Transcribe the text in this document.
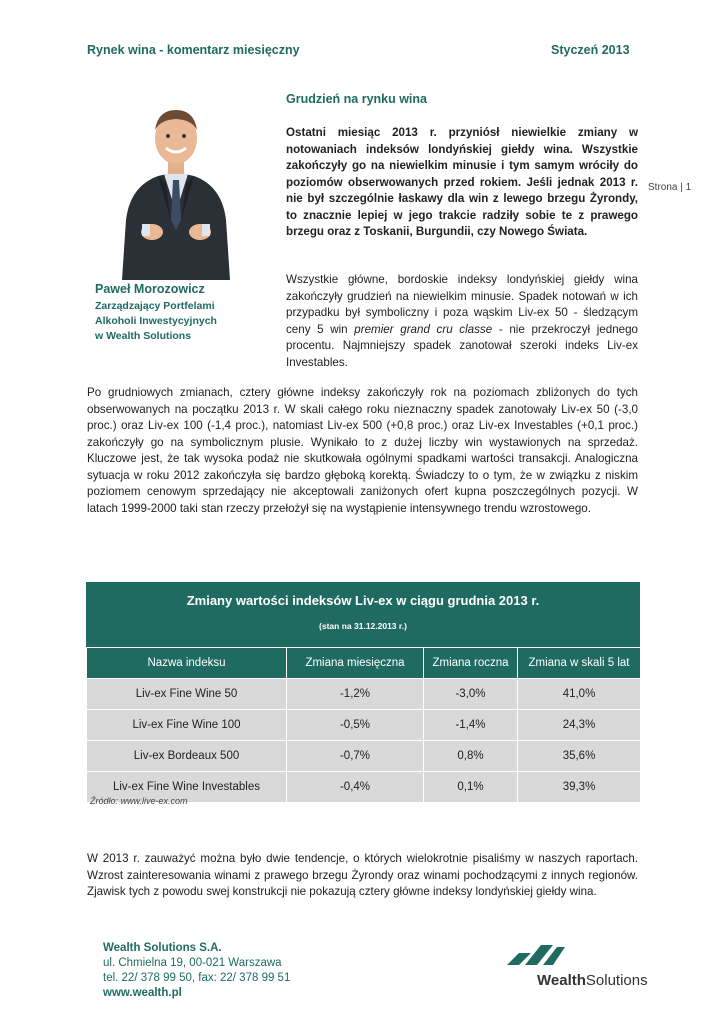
Rynek wina - komentarz miesięczny	Styczeń 2013
Strona | 1
Paweł Morozowicz
Zarządzający Portfelami
Alkoholi Inwestycyjnych
w Wealth Solutions
Grudzień na rynku wina

Ostatni miesiąc 2013 r. przyniósł niewielkie zmiany w notowaniach indeksów londyńskiej giełdy wina. Wszystkie zakończyły go na niewielkim minusie i tym samym wróciły do poziomów obserwowanych przed rokiem. Jeśli jednak 2013 r. nie był szczególnie łaskawy dla win z lewego brzegu Żyrondy, to znacznie lepiej w jego trakcie radziły sobie te z prawego brzegu oraz z Toskanii, Burgundii, czy Nowego Świata.

Wszystkie główne, bordoskie indeksy londyńskiej giełdy wina zakończyły grudzień na niewielkim minusie. Spadek notowań w ich przypadku był symboliczny i poza wąskim Liv-ex 50 - śledzącym ceny 5 win premier grand cru classe - nie przekroczył jednego procentu. Najmniejszy spadek zanotował szeroki indeks Liv-ex Investables.

Po grudniowych zmianach, cztery główne indeksy zakończyły rok na poziomach zbliżonych do tych obserwowanych na początku 2013 r. W skali całego roku nieznaczny spadek zanotowały Liv-ex 50 (-3,0 proc.) oraz Liv-ex 100 (-1,4 proc.), natomiast Liv-ex 500 (+0,8 proc.) oraz Liv-ex Investables (+0,1 proc.) zakończyły go na symbolicznym plusie. Wynikało to z dużej liczby win wystawionych na sprzedaż. Kluczowe jest, że tak wysoka podaż nie skutkowała ogólnymi spadkami wartości transakcji. Analogiczna sytuacja w roku 2012 zakończyła się bardzo głęboką korektą. Świadczy to o tym, że w związku z niskim poziomem cenowym sprzedający nie akceptowali zaniżonych ofert kupna poszczególnych pozycji. W latach 1999-2000 taki stan rzeczy przełożył się na wystąpienie intensywnego trendu wzrostowego.

Zmiany wartości indeksów Liv-ex w ciągu grudnia 2013 r.
(stan na 31.12.2013 r.)
Nazwa indeksu	Zmiana miesięczna	Zmiana roczna	Zmiana w skali 5 lat
Liv-ex Fine Wine 50	-1,2%	-3,0%	41,0%
Liv-ex Fine Wine 100	-0,5%	-1,4%	24,3%
Liv-ex Bordeaux 500	-0,7%	0,8%	35,6%
Liv-ex Fine Wine Investables	-0,4%	0,1%	39,3%
Źródło: www.live-ex.com

W 2013 r. zauważyć można było dwie tendencje, o których wielokrotnie pisaliśmy w naszych raportach. Wzrost zainteresowania winami z prawego brzegu Żyrondy oraz winami pochodzącymi z innych regionów. Zjawisk tych z powodu swej konstrukcji nie pokazują cztery główne indeksy londyńskiej giełdy wina.

Wealth Solutions S.A.
ul. Chmielna 19, 00-021 Warszawa
tel. 22/ 378 99 50, fax: 22/ 378 99 51
www.wealth.pl
WealthSolutions
